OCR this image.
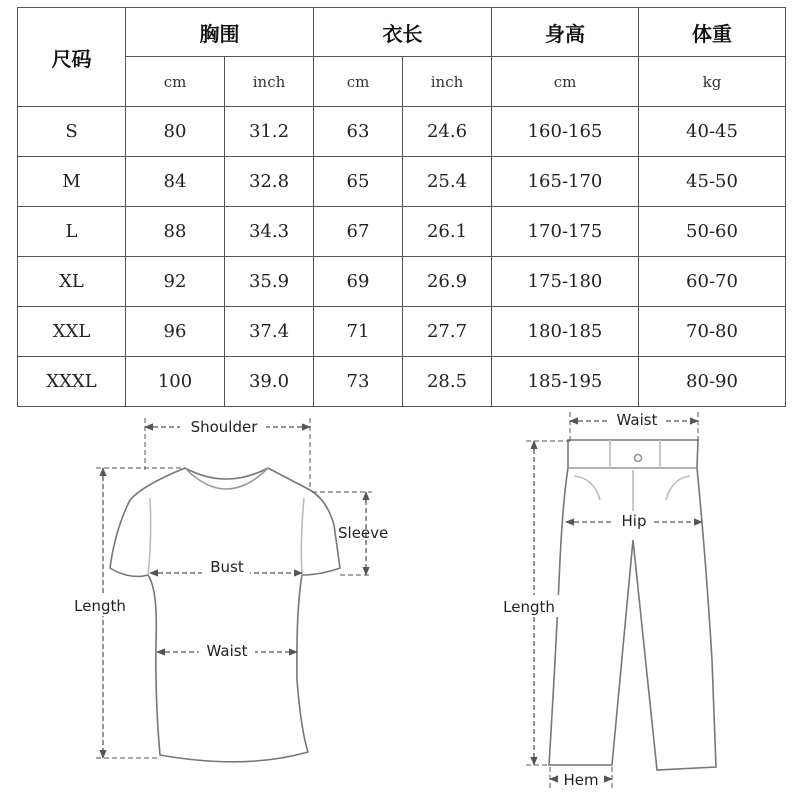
尺码	胸围		衣长		身高	体重
	cm	inch	cm	inch	cm	kg
S	80	31.2	63	24.6	160-165	40-45
M	84	32.8	65	25.4	165-170	45-50
L	88	34.3	67	26.1	170-175	50-60
XL	92	35.9	69	26.9	175-180	60-70
XXL	96	37.4	71	27.7	180-185	70-80
XXXL	100	39.0	73	28.5	185-195	80-90
Shoulder
Sleeve
Bust
Length
Waist
Waist
Hip
Length
Hem
